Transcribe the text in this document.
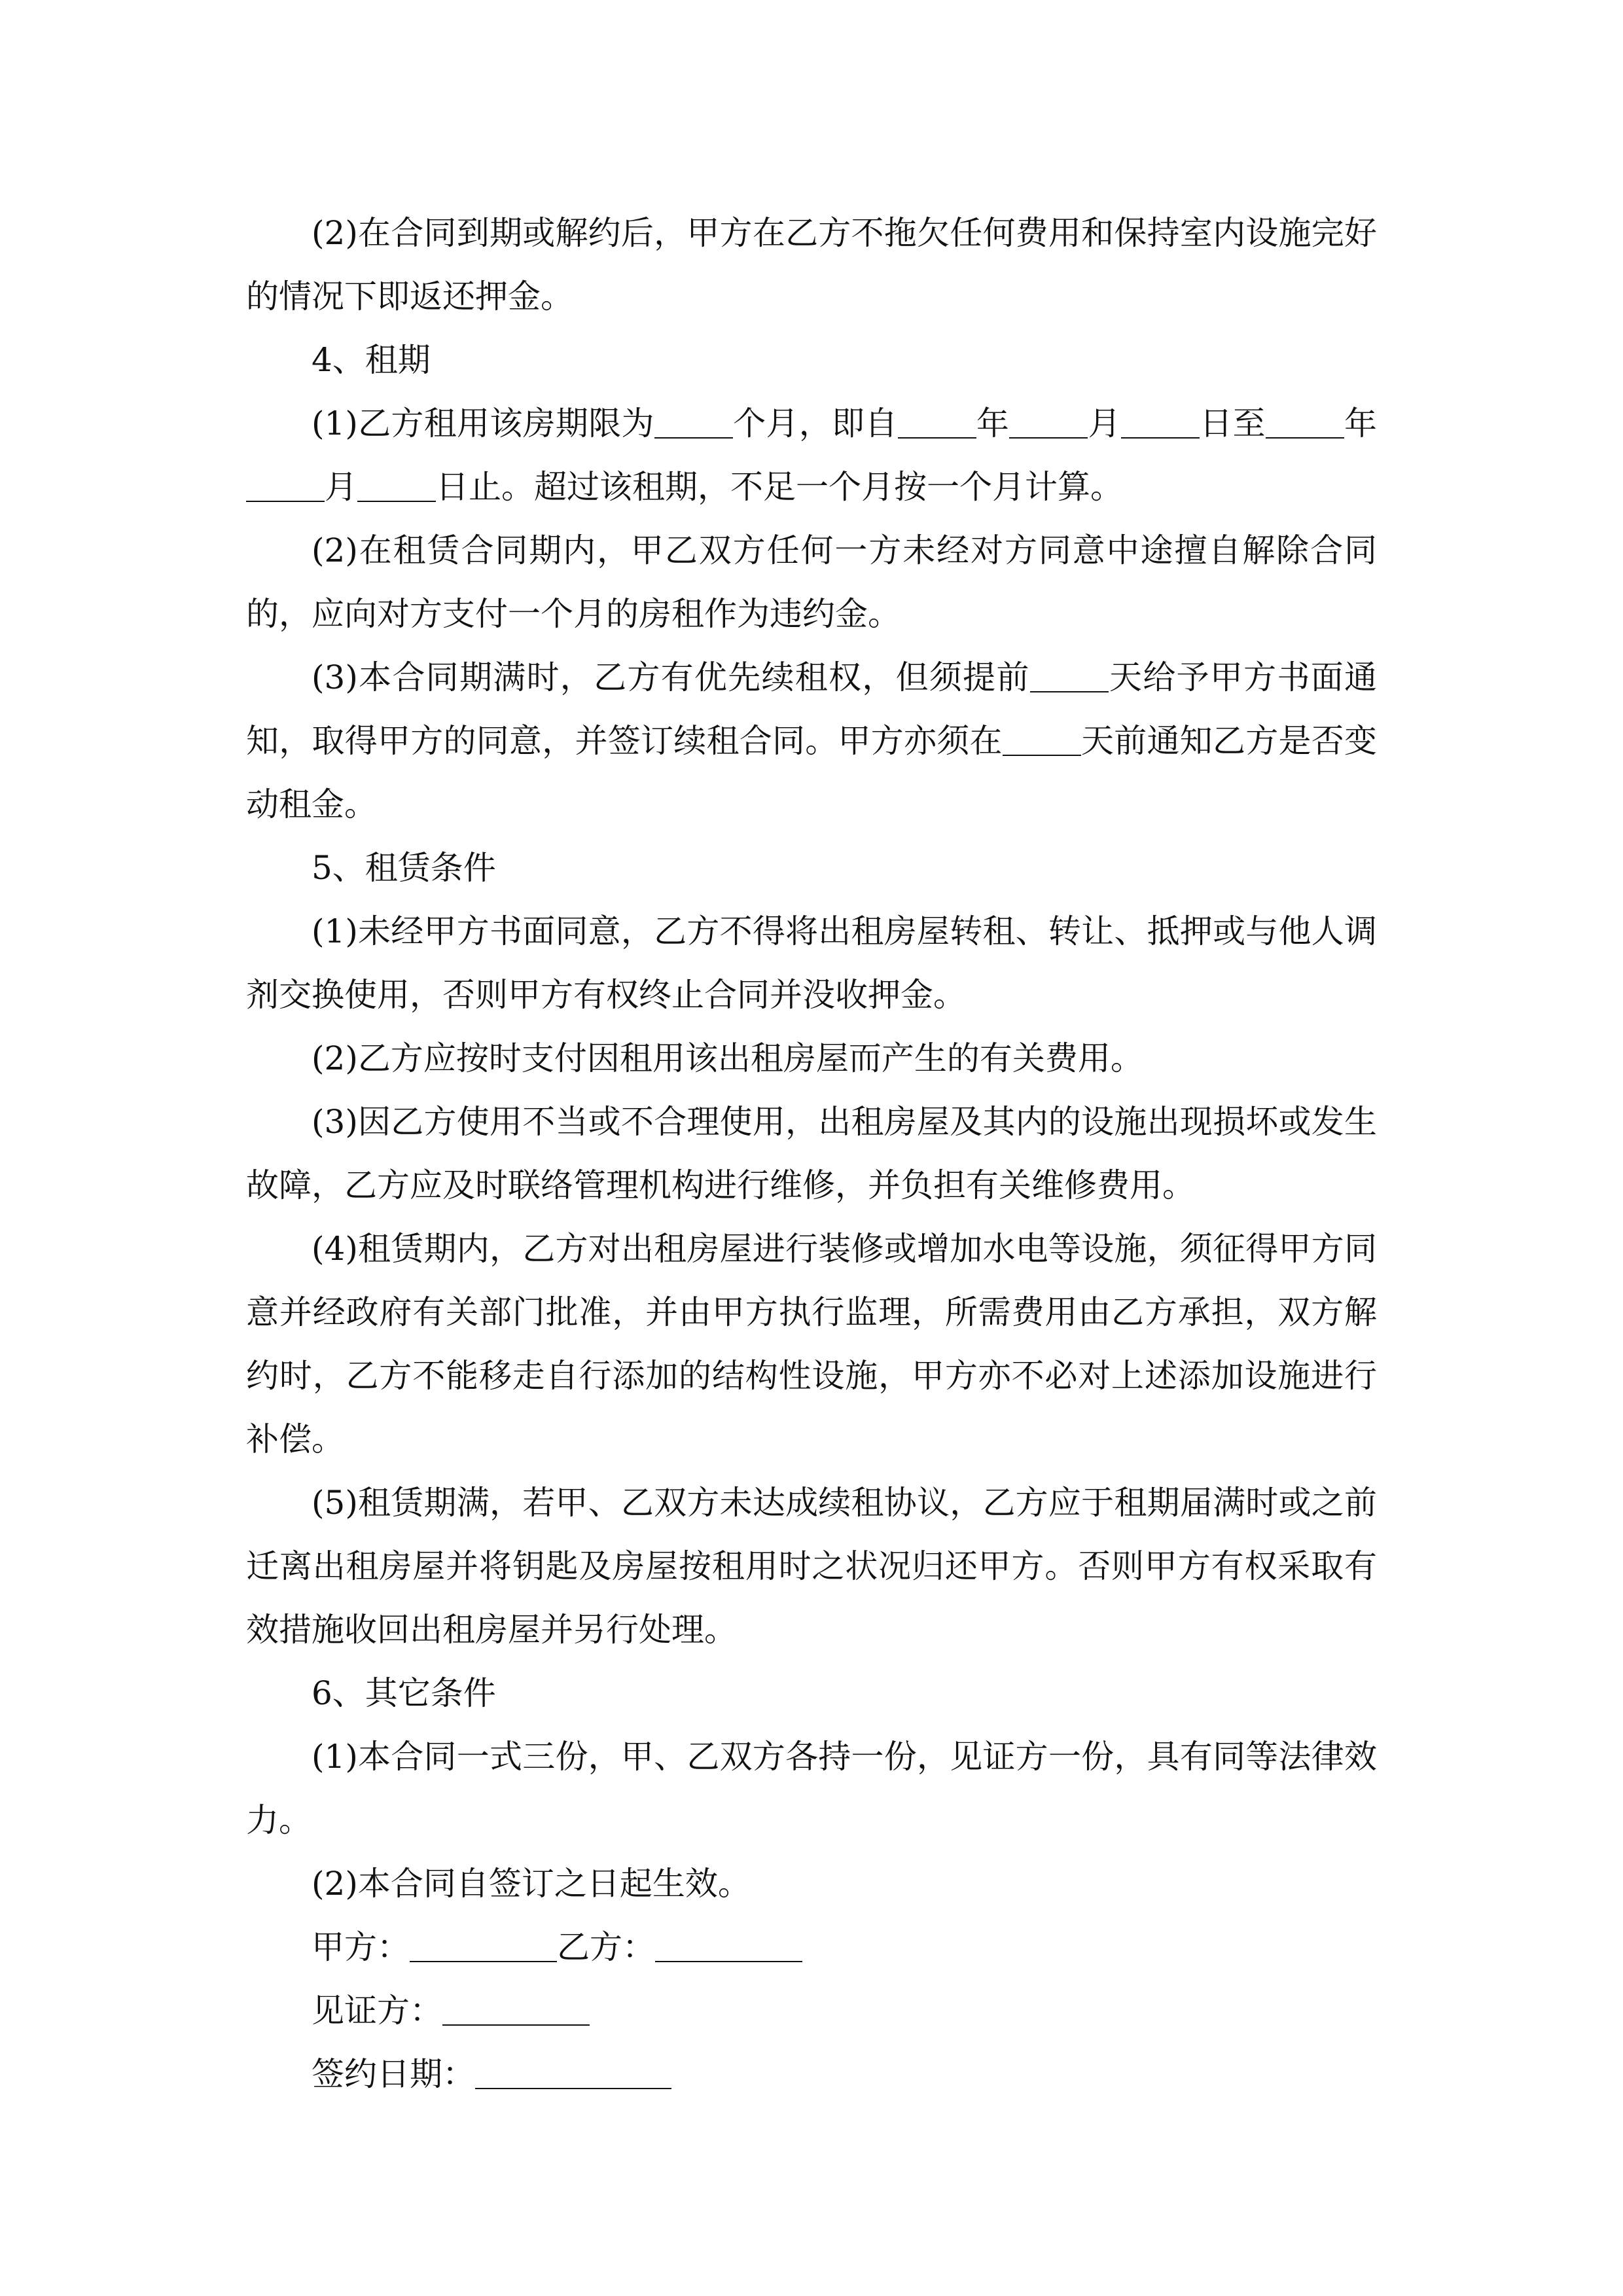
(2)在合同到期或解约后，甲方在乙方不拖欠任何费用和保持室内设施完好的情况下即返还押金。

4、租期

(1)乙方租用该房期限为 个月，即自 年 月 日至 年月 日止。超过该租期，不足一个月按一个月计算。

(2)在租赁合同期内，甲乙双方任何一方未经对方同意中途擅自解除合同的，应向对方支付一个月的房租作为违约金。

(3)本合同期满时，乙方有优先续租权，但须提前 天给予甲方书面通知，取得甲方的同意，并签订续租合同。甲方亦须在 天前通知乙方是否变动租金。

5、租赁条件

(1)未经甲方书面同意，乙方不得将出租房屋转租、转让、抵押或与他人调剂交换使用，否则甲方有权终止合同并没收押金。

(2)乙方应按时支付因租用该出租房屋而产生的有关费用。

(3)因乙方使用不当或不合理使用，出租房屋及其内的设施出现损坏或发生故障，乙方应及时联络管理机构进行维修，并负担有关维修费用。

(4)租赁期内，乙方对出租房屋进行装修或增加水电等设施，须征得甲方同意并经政府有关部门批准，并由甲方执行监理，所需费用由乙方承担，双方解约时，乙方不能移走自行添加的结构性设施，甲方亦不必对上述添加设施进行补偿。

(5)租赁期满，若甲、乙双方未达成续租协议，乙方应于租期届满时或之前迁离出租房屋并将钥匙及房屋按租用时之状况归还甲方。否则甲方有权采取有效措施收回出租房屋并另行处理。

6、其它条件

(1)本合同一式三份，甲、乙双方各持一份，见证方一份，具有同等法律效力。

(2)本合同自签订之日起生效。

甲方：	乙方：

见证方：

签约日期：
